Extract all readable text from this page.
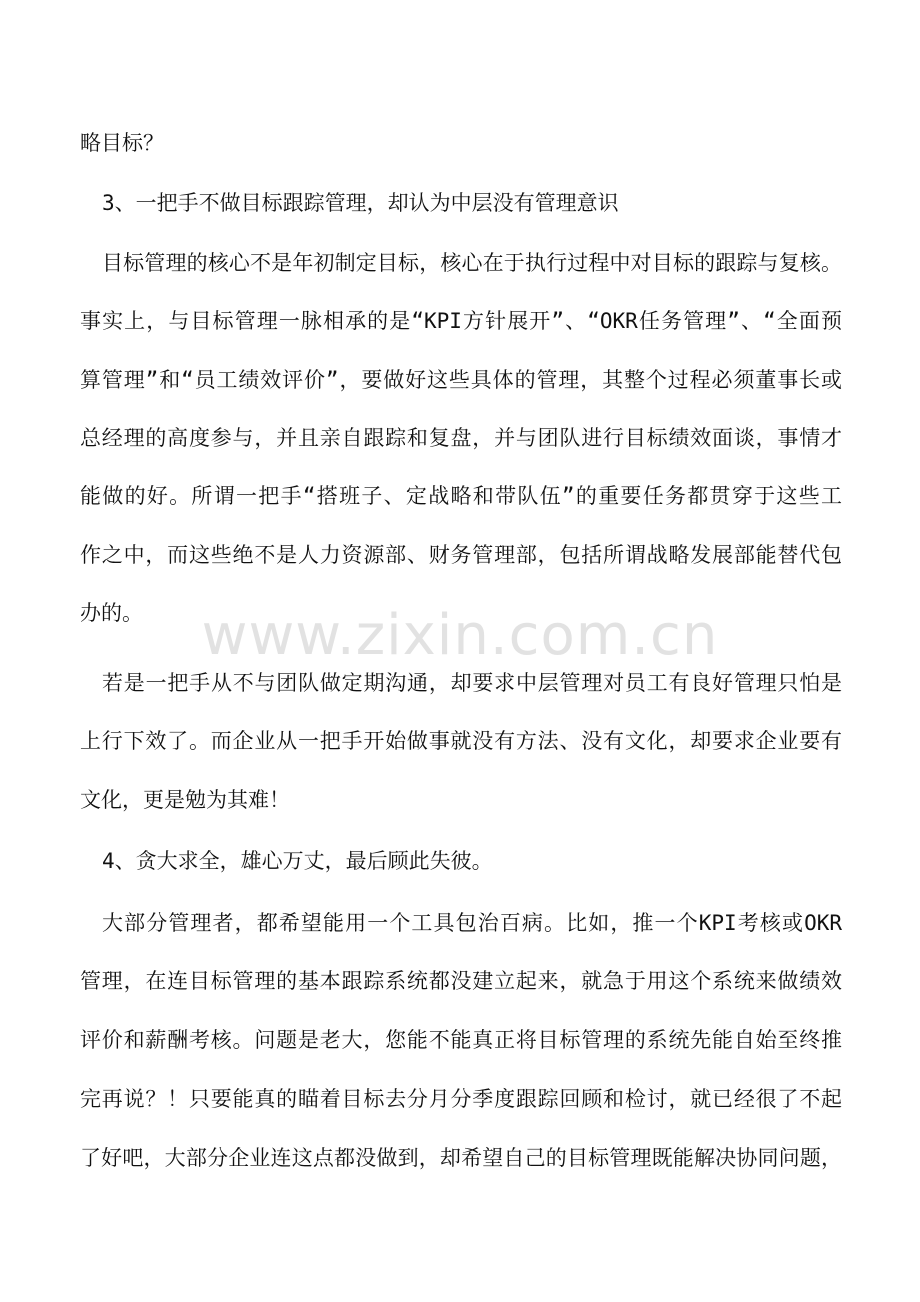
略目标？
3、一把手不做目标跟踪管理，却认为中层没有管理意识
目标管理的核心不是年初制定目标，核心在于执行过程中对目标的跟踪与复核。
事实上，与目标管理一脉相承的是“KPI方针展开”、“OKR任务管理”、“全面预
算管理”和“员工绩效评价”，要做好这些具体的管理，其整个过程必须董事长或
总经理的高度参与，并且亲自跟踪和复盘，并与团队进行目标绩效面谈，事情才
能做的好。所谓一把手“搭班子、定战略和带队伍”的重要任务都贯穿于这些工
作之中，而这些绝不是人力资源部、财务管理部，包括所谓战略发展部能替代包
办的。
若是一把手从不与团队做定期沟通，却要求中层管理对员工有良好管理只怕是
上行下效了。而企业从一把手开始做事就没有方法、没有文化，却要求企业要有
文化，更是勉为其难！
4、贪大求全，雄心万丈，最后顾此失彼。
大部分管理者，都希望能用一个工具包治百病。比如，推一个KPI考核或OKR
管理，在连目标管理的基本跟踪系统都没建立起来，就急于用这个系统来做绩效
评价和薪酬考核。问题是老大，您能不能真正将目标管理的系统先能自始至终推
完再说？！只要能真的瞄着目标去分月分季度跟踪回顾和检讨，就已经很了不起
了好吧，大部分企业连这点都没做到，却希望自己的目标管理既能解决协同问题，
www.zixin.com.cn
